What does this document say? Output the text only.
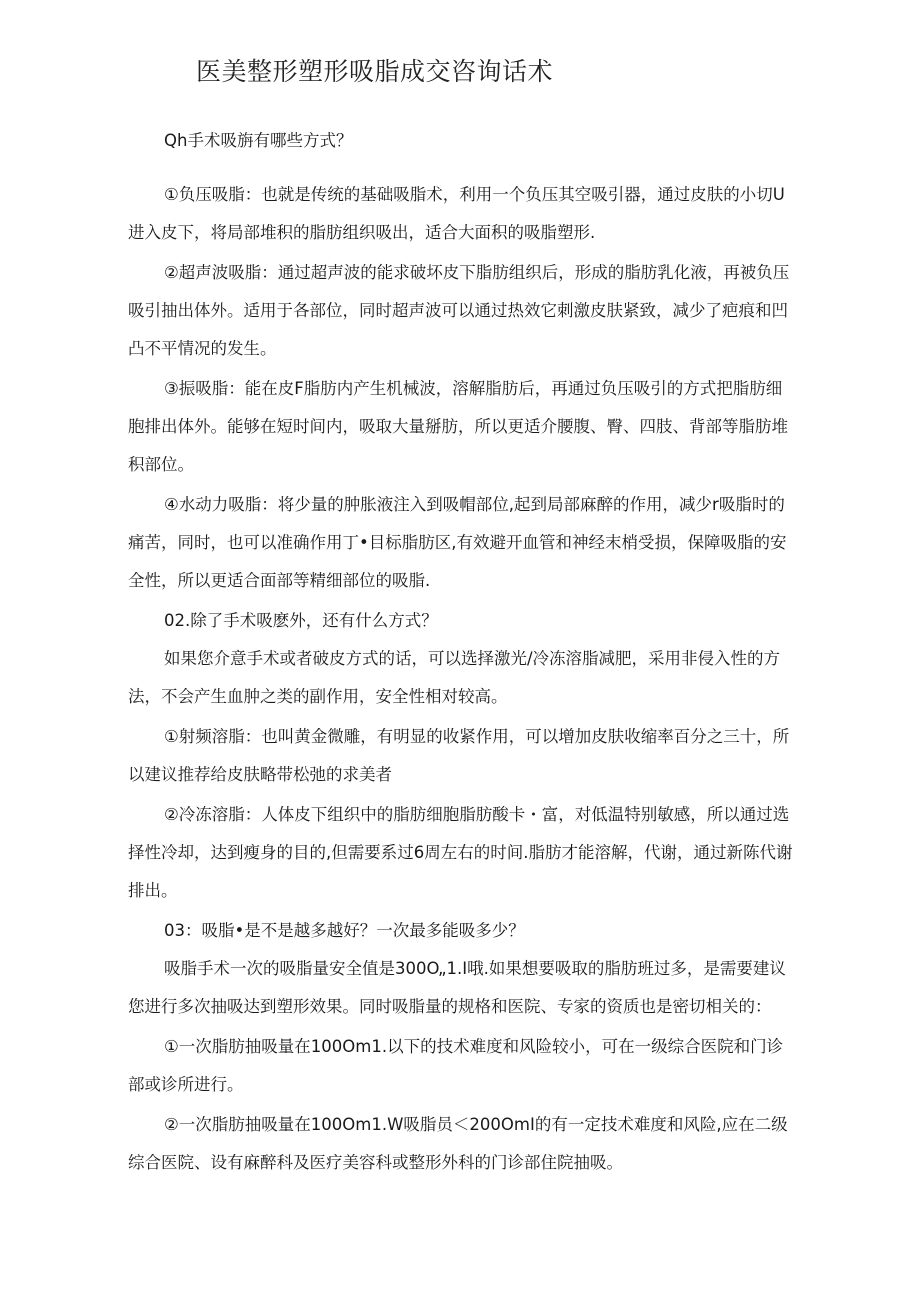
医美整形塑形吸脂成交咨询话术

Qh手术吸旃有哪些方式？

①负压吸脂：也就是传统的基础吸脂术，利用一个负压其空吸引器，通过皮肤的小切U进入皮下，将局部堆积的脂肪组织吸出，适合大面积的吸脂塑形.

②超声波吸脂：通过超声波的能求破坏皮下脂肪组织后，形成的脂肪乳化液，再被负压吸引抽出体外。适用于各部位，同时超声波可以通过热效它刺激皮肤紧致，减少了疤痕和凹凸不平情况的发生。

③振吸脂：能在皮F脂肪内产生机械波，溶解脂肪后，再通过负压吸引的方式把脂肪细胞排出体外。能够在短时间内，吸取大量掰肪，所以更适介腰腹、臀、四肢、背部等脂肪堆积部位。

④水动力吸脂：将少量的肿胀液注入到吸帽部位,起到局部麻醉的作用，减少r吸脂时的痛苦，同时，也可以准确作用丁•目标脂肪区,有效避开血管和神经末梢受损，保障吸脂的安全性，所以更适合面部等精细部位的吸脂.

02.除了手术吸麽外，还有什么方式？

如果您介意手术或者破皮方式的话，可以选择激光/冷冻溶脂减肥，采用非侵入性的方法，不会产生血肿之类的副作用，安全性相对较高。

①射频溶脂：也叫黄金微雕，有明显的收紧作用，可以增加皮肤收缩率百分之三十，所以建议推荐给皮肤略带松弛的求美者

②冷冻溶脂：人体皮下组织中的脂肪细胞脂肪酸卡・富，对低温特别敏感，所以通过选择性冷却，达到瘦身的目的,但需要系过6周左右的时间.脂肪才能溶解，代谢，通过新陈代谢排出。

03：吸脂•是不是越多越好？一次最多能吸多少？

吸脂手术一次的吸脂量安全值是300O„1.I哦.如果想要吸取的脂肪班过多，是需要建议您进行多次抽吸达到塑形效果。同时吸脂量的规格和医院、专家的资质也是密切相关的：

①一次脂肪抽吸量在100Om1.以下的技术难度和风险较小，可在一级综合医院和门诊部或诊所进行。

②一次脂肪抽吸量在100Om1.W吸脂员＜200OmI的有一定技术难度和风险,应在二级综合医院、设有麻醉科及医疗美容科或整形外科的门诊部住院抽吸。
